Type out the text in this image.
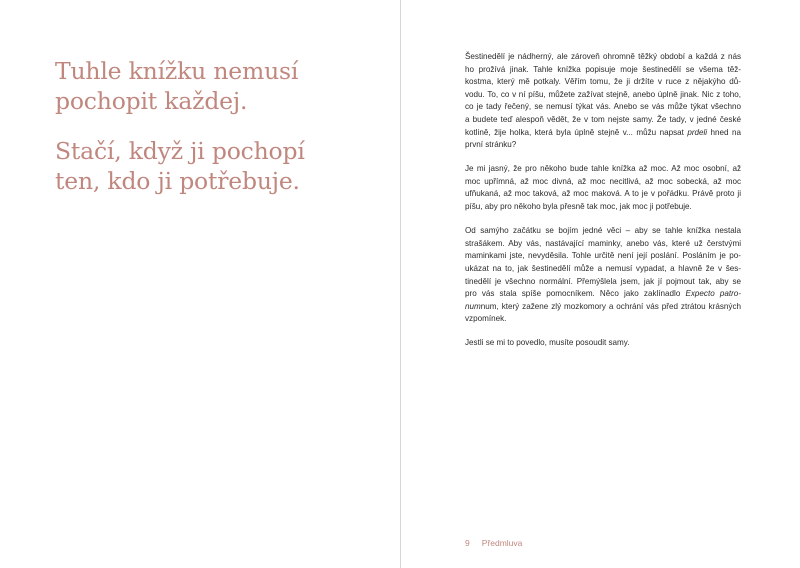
Tuhle knížku nemusí
pochopit každej.
Stačí, když ji pochopí
ten, kdo ji potřebuje.
Šestinedělí je nádherný, ale zároveň ohromně těžký období a každá z nás
ho prožívá jinak. Tahle knížka popisuje moje šestinedělí se všema těž-
kostma, který mě potkaly. Věřím tomu, že ji držíte v ruce z nějakýho dů-
vodu. To, co v ní píšu, můžete zažívat stejně, anebo úplně jinak. Nic z toho,
co je tady řečený, se nemusí týkat vás. Anebo se vás může týkat všechno
a budete teď alespoň vědět, že v tom nejste samy. Že tady, v jedné české
kotlině, žije holka, která byla úplně stejně v... můžu napsat prdeli hned na
první stránku?
Je mi jasný, že pro někoho bude tahle knížka až moc. Až moc osobní, až
moc upřímná, až moc divná, až moc necitlivá, až moc sobecká, až moc
ufňukaná, až moc taková, až moc maková. A to je v pořádku. Právě proto ji
píšu, aby pro někoho byla přesně tak moc, jak moc ji potřebuje.
Od samýho začátku se bojím jedné věci – aby se tahle knížka nestala
strašákem. Aby vás, nastávající maminky, anebo vás, které už čerstvými
maminkami jste, nevyděsila. Tohle určitě není její poslání. Posláním je po-
ukázat na to, jak šestinedělí může a nemusí vypadat, a hlavně že v šes-
tinedělí je všechno normální. Přemýšlela jsem, jak jí pojmout tak, aby se
pro vás stala spíše pomocníkem. Něco jako zaklínadlo Expecto patro-
numnum, který zažene zlý mozkomory a ochrání vás před ztrátou krásných
vzpomínek.
Jestli se mi to povedlo, musíte posoudit samy.
9 Předmluva
